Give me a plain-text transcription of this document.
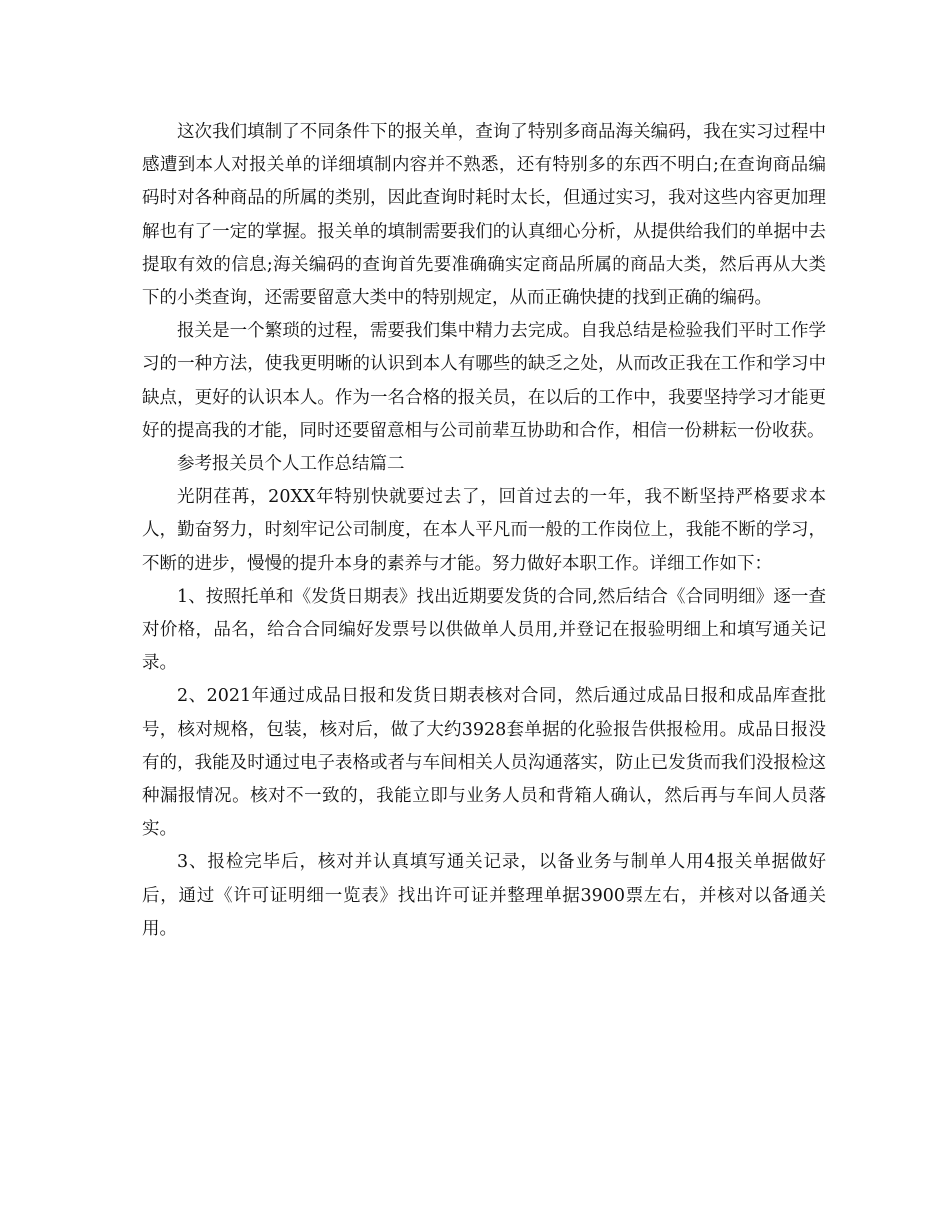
这次我们填制了不同条件下的报关单，查询了特别多商品海关编码，我在实习过程中感遭到本人对报关单的详细填制内容并不熟悉，还有特别多的东西不明白;在查询商品编码时对各种商品的所属的类别，因此查询时耗时太长，但通过实习，我对这些内容更加理解也有了一定的掌握。报关单的填制需要我们的认真细心分析，从提供给我们的单据中去提取有效的信息;海关编码的查询首先要准确确实定商品所属的商品大类，然后再从大类下的小类查询，还需要留意大类中的特别规定，从而正确快捷的找到正确的编码。

报关是一个繁琐的过程，需要我们集中精力去完成。自我总结是检验我们平时工作学习的一种方法，使我更明晰的认识到本人有哪些的缺乏之处，从而改正我在工作和学习中缺点，更好的认识本人。作为一名合格的报关员，在以后的工作中，我要坚持学习才能更好的提高我的才能，同时还要留意相与公司前辈互协助和合作，相信一份耕耘一份收获。

参考报关员个人工作总结篇二

光阴荏苒，20XX年特别快就要过去了，回首过去的一年，我不断坚持严格要求本人，勤奋努力，时刻牢记公司制度，在本人平凡而一般的工作岗位上，我能不断的学习，不断的进步，慢慢的提升本身的素养与才能。努力做好本职工作。详细工作如下：

1、按照托单和《发货日期表》找出近期要发货的合同,然后结合《合同明细》逐一查对价格，品名，给合合同编好发票号以供做单人员用,并登记在报验明细上和填写通关记录。

2、2021年通过成品日报和发货日期表核对合同，然后通过成品日报和成品库查批号，核对规格，包装，核对后，做了大约3928套单据的化验报告供报检用。成品日报没有的，我能及时通过电子表格或者与车间相关人员沟通落实，防止已发货而我们没报检这种漏报情况。核对不一致的，我能立即与业务人员和背箱人确认，然后再与车间人员落实。

3、报检完毕后，核对并认真填写通关记录，以备业务与制单人用4报关单据做好后，通过《许可证明细一览表》找出许可证并整理单据3900票左右，并核对以备通关用。
